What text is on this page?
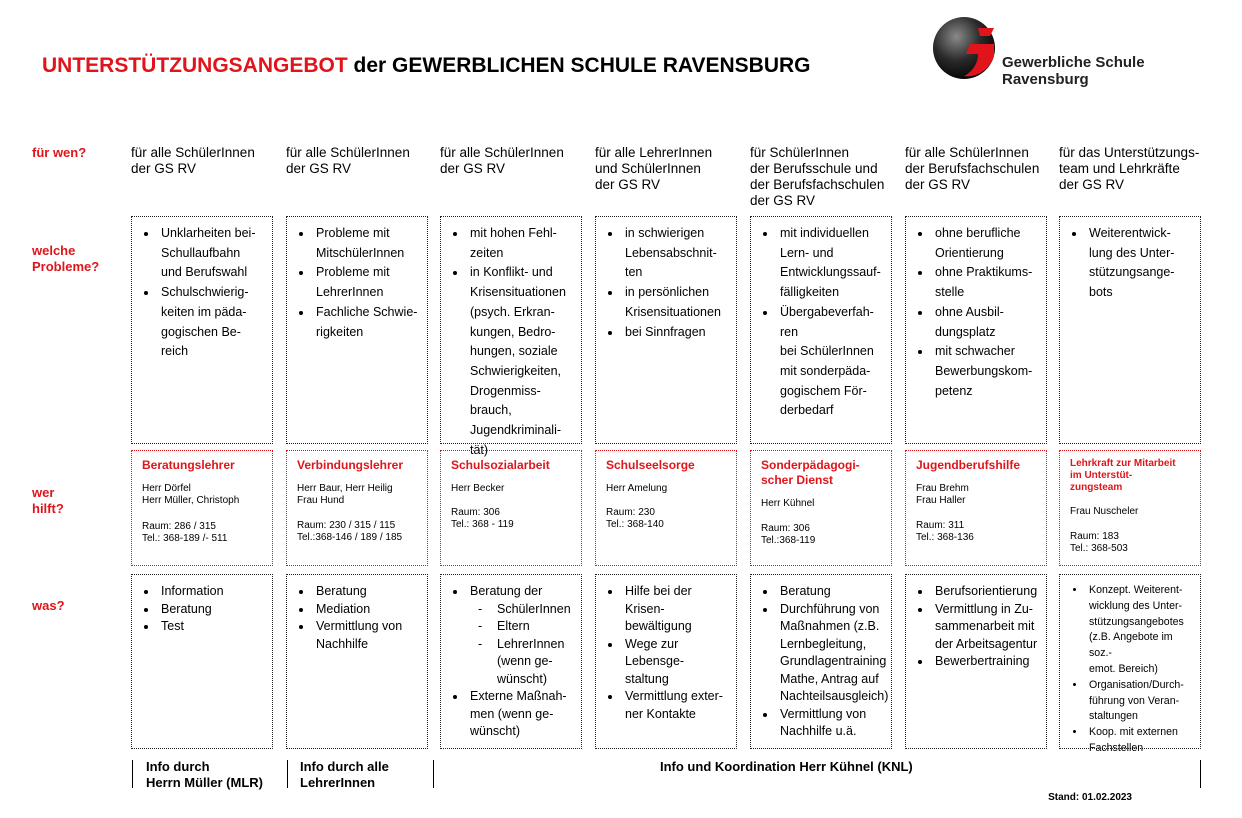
UNTERSTÜTZUNGSANGEBOT der GEWERBLICHEN SCHULE RAVENSBURG	Gewerbliche Schule
Ravensburg
für wen?
welche
Probleme?
wer
hilft?
was?
für alle SchülerInnen
der GS RV
• Unklarheiten bei-
Schullaufbahn
und Berufswahl
• Schulschwierig-
keiten im päda-
gogischen Be-
reich
Beratungslehrer
Herr Dörfel
Herr Müller, Christoph
Raum: 286 / 315
Tel.: 368-189 /- 511
• Information
• Beratung
• Test
für alle SchülerInnen
der GS RV
• Probleme mit
MitschülerInnen
• Probleme mit
LehrerInnen
• Fachliche Schwie-
rigkeiten
Verbindungslehrer
Herr Baur, Herr Heilig
Frau Hund
Raum: 230 / 315 / 115
Tel.:368-146 / 189 / 185
• Beratung
• Mediation
• Vermittlung von
Nachhilfe
für alle SchülerInnen
der GS RV
• mit hohen Fehl-
zeiten
• in Konflikt- und
Krisensituationen
(psych. Erkran-
kungen, Bedro-
hungen, soziale
Schwierigkeiten,
Drogenmiss-
brauch,
Jugendkriminali-
tät)
Schulsozialarbeit
Herr Becker
Raum: 306
Tel.: 368 - 119
• Beratung der
- SchülerInnen
- Eltern
- LehrerInnen
(wenn ge-
wünscht)
• Externe Maßnah-
men (wenn ge-
wünscht)
für alle LehrerInnen
und SchülerInnen
der GS RV
• in schwierigen
Lebensabschnit-
ten
• in persönlichen
Krisensituationen
• bei Sinnfragen
Schulseelsorge
Herr Amelung
Raum: 230
Tel.: 368-140
• Hilfe bei der Krisen-
bewältigung
• Wege zur Lebensge-
staltung
• Vermittlung exter-
ner Kontakte
für SchülerInnen
der Berufsschule und
der Berufsfachschulen
der GS RV
• mit individuellen
Lern- und
Entwicklungssauf-
fälligkeiten
• Übergabeverfah-
ren
bei SchülerInnen
mit sonderpäda-
gogischem För-
derbedarf
Sonderpädagogi-
scher Dienst
Herr Kühnel
Raum: 306
Tel.:368-119
• Beratung
• Durchführung von
Maßnahmen (z.B.
Lernbegleitung,
Grundlagentraining
Mathe, Antrag auf
Nachteilsausgleich)
• Vermittlung von
Nachhilfe u.ä.
für alle SchülerInnen
der Berufsfachschulen
der GS RV
• ohne berufliche
Orientierung
• ohne Praktikums-
stelle
• ohne Ausbil-
dungsplatz
• mit schwacher
Bewerbungskom-
petenz
Jugendberufshilfe
Frau Brehm
Frau Haller
Raum: 311
Tel.: 368-136
• Berufsorientierung
• Vermittlung in Zu-
sammenarbeit mit
der Arbeitsagentur
• Bewerbertraining
für das Unterstützungs-
team und Lehrkräfte
der GS RV
• Weiterentwick-
lung des Unter-
stützungsange-
bots
Lehrkraft zur Mitarbeit
im Unterstüt-
zungsteam
Frau Nuscheler
Raum: 183
Tel.: 368-503
• Konzept. Weiterent-
wicklung des Unter-
stützungsangebotes
(z.B. Angebote im soz.-
emot. Bereich)
• Organisation/Durch-
führung von Veran-
staltungen
• Koop. mit externen
Fachstellen
Info durch
Herrn Müller (MLR)
Info durch alle
LehrerInnen
Info und Koordination Herr Kühnel (KNL)
Stand: 01.02.2023
